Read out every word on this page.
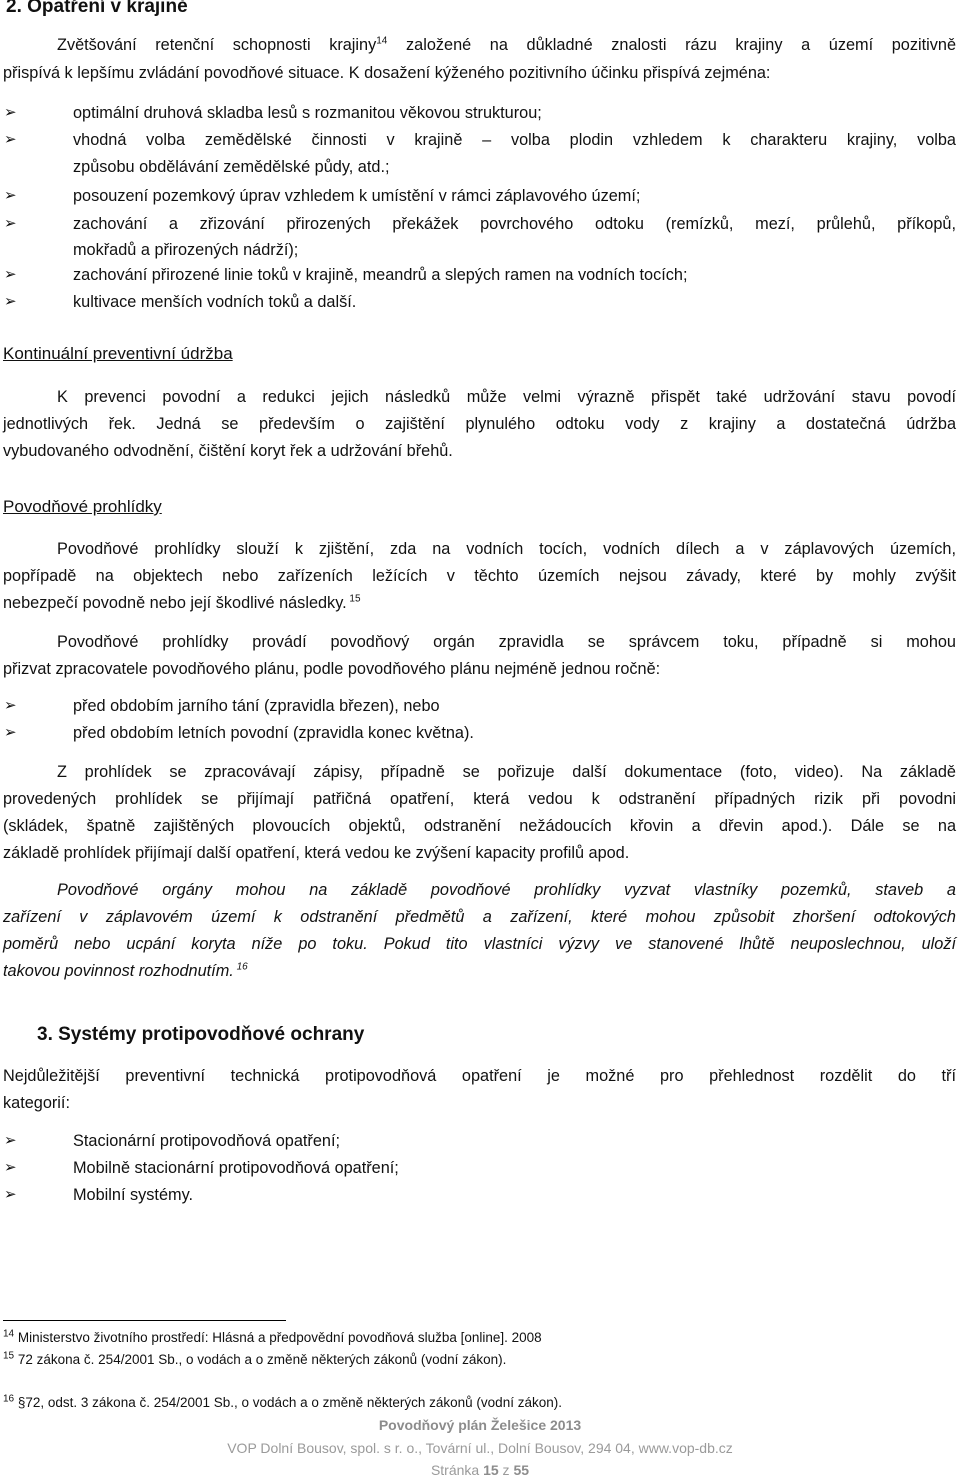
2. Opatření v krajině
Zvětšování retenční schopnosti krajiny$^{14}$ založené na důkladné znalosti rázu krajiny a území pozitivně
přispívá k lepšímu zvládání povodňové situace. K dosažení kýženého pozitivního účinku přispívá zejména:
➢	optimální druhová skladba lesů s rozmanitou věkovou strukturou;
➢	vhodná volba zemědělské činnosti v krajině – volba plodin vzhledem k charakteru krajiny, volba
způsobu obdělávání zemědělské půdy, atd.;
➢	posouzení pozemkový úprav vzhledem k umístění v rámci záplavového území;
➢	zachování a zřizování přirozených překážek povrchového odtoku (remízků, mezí, průlehů, příkopů,
mokřadů a přirozených nádrží);
➢	zachování přirozené linie toků v krajině, meandrů a slepých ramen na vodních tocích;
➢	kultivace menších vodních toků a další.
Kontinuální preventivní údržba
K prevenci povodní a redukci jejich následků může velmi výrazně přispět také udržování stavu povodí
jednotlivých řek. Jedná se především o zajištění plynulého odtoku vody z krajiny a dostatečná údržba
vybudovaného odvodnění, čištění koryt řek a udržování břehů.
Povodňové prohlídky
Povodňové prohlídky slouží k zjištění, zda na vodních tocích, vodních dílech a v záplavových územích,
popřípadě na objektech nebo zařízeních ležících v těchto územích nejsou závady, které by mohly zvýšit
nebezpečí povodně nebo její škodlivé následky. $^{15}$
Povodňové prohlídky provádí povodňový orgán zpravidla se správcem toku, případně si mohou
přizvat zpracovatele povodňového plánu, podle povodňového plánu nejméně jednou ročně:
➢	před obdobím jarního tání (zpravidla březen), nebo
➢	před obdobím letních povodní (zpravidla konec května).
Z prohlídek se zpracovávají zápisy, případně se pořizuje další dokumentace (foto, video). Na základě
provedených prohlídek se přijímají patřičná opatření, která vedou k odstranění případných rizik při povodni
(skládek, špatně zajištěných plovoucích objektů, odstranění nežádoucích křovin a dřevin apod.). Dále se na
základě prohlídek přijímají další opatření, která vedou ke zvýšení kapacity profilů apod.
Povodňové orgány mohou na základě povodňové prohlídky vyzvat vlastníky pozemků, staveb a
zařízení v záplavovém území k odstranění předmětů a zařízení, které mohou způsobit zhoršení odtokových
poměrů nebo ucpání koryta níže po toku. Pokud tito vlastníci výzvy ve stanovené lhůtě neuposlechnou, uloží
takovou povinnost rozhodnutím. $^{16}$
3. Systémy protipovodňové ochrany
Nejdůležitější preventivní technická protipovodňová opatření je možné pro přehlednost rozdělit do tří
kategorií:
➢	Stacionární protipovodňová opatření;
➢	Mobilně stacionární protipovodňová opatření;
➢	Mobilní systémy.
$^{14}$ Ministerstvo životního prostředí: Hlásná a předpovědní povodňová služba [online]. 2008
$^{15}$ 72 zákona č. 254/2001 Sb., o vodách a o změně některých zákonů (vodní zákon).
$^{16}$ §72, odst. 3 zákona č. 254/2001 Sb., o vodách a o změně některých zákonů (vodní zákon).
Povodňový plán Želešice 2013
VOP Dolní Bousov, spol. s r. o., Tovární ul., Dolní Bousov, 294 04, www.vop-db.cz
Stránka 15 z 55
